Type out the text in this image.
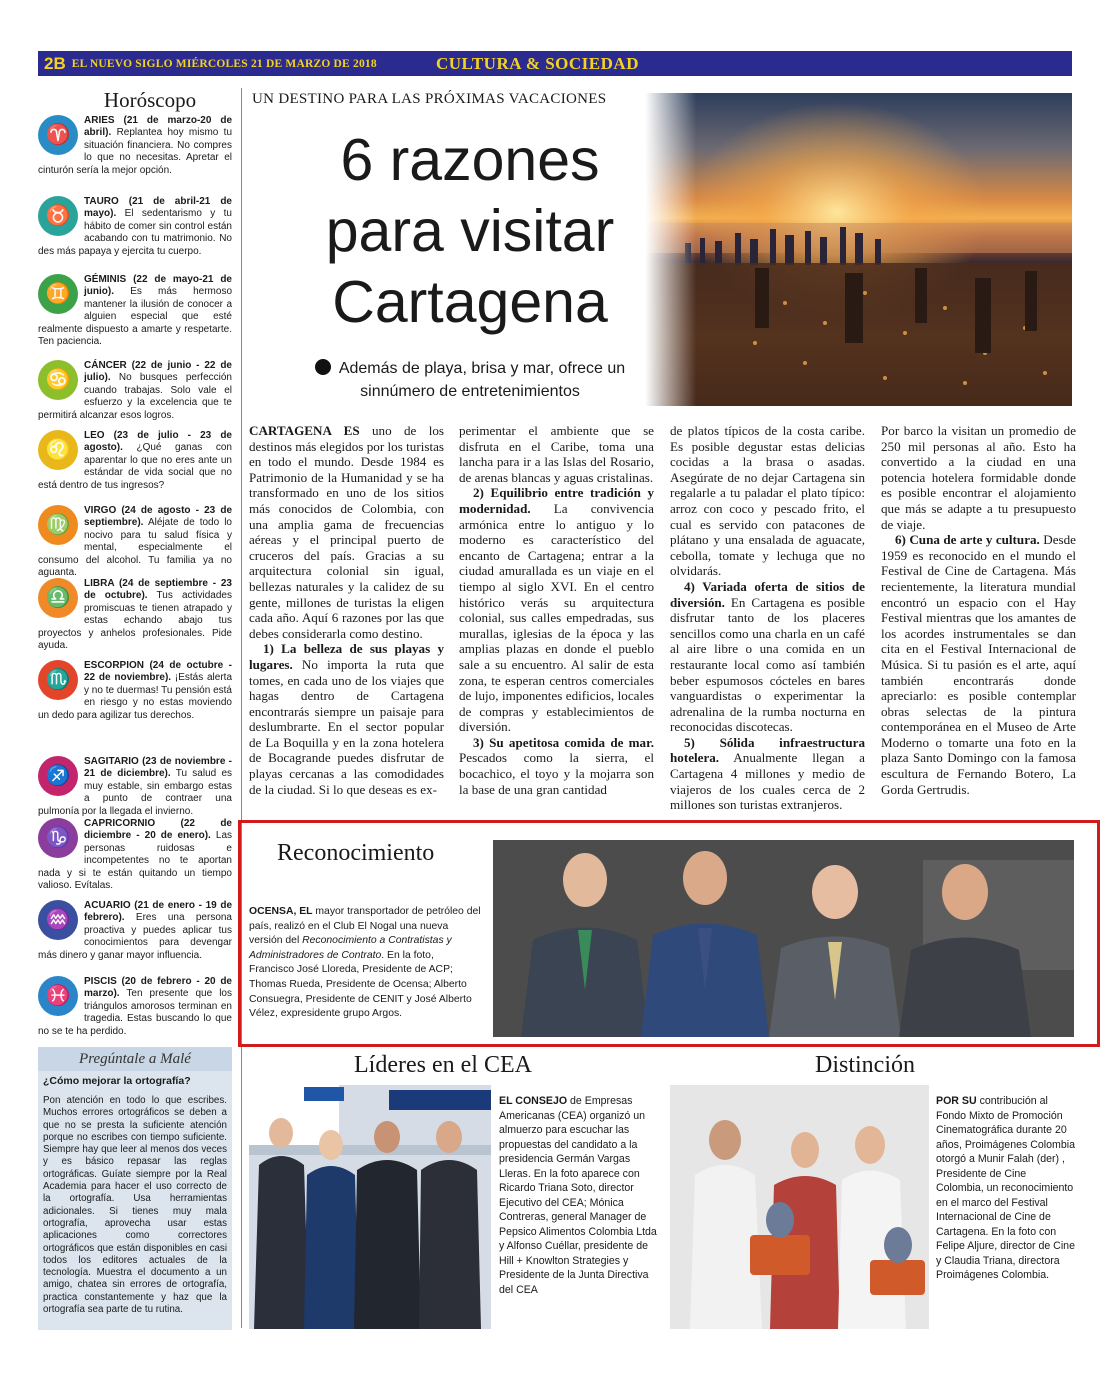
2B EL NUEVO SIGLO MIÉRCOLES 21 DE MARZO DE 2018	CULTURA & SOCIEDAD
Horóscopo
♈
ARIES (21 de marzo-20 de abril). Replantea hoy mismo tu situación financiera. No compres lo que no necesitas. Apretar el cinturón sería la mejor opción.
♉
TAURO (21 de abril-21 de mayo). El sedentarismo y tu hábito de comer sin control están acabando con tu matrimonio. No des más papaya y ejercita tu cuerpo.
♊
GÉMINIS (22 de mayo-21 de junio). Es más hermoso mantener la ilusión de conocer a alguien especial que esté realmente dispuesto a amarte y respetarte. Ten paciencia.
♋
CÁNCER (22 de junio - 22 de julio). No busques perfección cuando trabajas. Solo vale el esfuerzo y la excelencia que te permitirá alcanzar esos logros.
♌
LEO (23 de julio - 23 de agosto). ¿Qué ganas con aparentar lo que no eres ante un estándar de vida social que no está dentro de tus ingresos?
♍
VIRGO (24 de agosto - 23 de septiembre). Aléjate de todo lo nocivo para tu salud física y mental, especialmente el consumo del alcohol. Tu familia ya no aguanta.
♎
LIBRA (24 de septiembre - 23 de octubre). Tus actividades promiscuas te tienen atrapado y estas echando abajo tus proyectos y anhelos profesionales. Pide ayuda.
♏
ESCORPION (24 de octubre - 22 de noviembre). ¡Estás alerta y no te duermas! Tu pensión está en riesgo y no estas moviendo un dedo para agilizar tus derechos.
♐
SAGITARIO (23 de noviembre - 21 de diciembre). Tu salud es muy estable, sin embargo estas a punto de contraer una pulmonía por la llegada el invierno.
♑
CAPRICORNIO (22 de diciembre - 20 de enero). Las personas ruidosas e incompetentes no te aportan nada y si te están quitando un tiempo valioso. Evítalas.
♒
ACUARIO (21 de enero - 19 de febrero). Eres una persona proactiva y puedes aplicar tus conocimientos para devengar más dinero y ganar mayor influencia.
♓
PISCIS (20 de febrero - 20 de marzo). Ten presente que los triángulos amorosos terminan en tragedia. Estas buscando lo que no se te ha perdido.
Pregúntale a Malé
¿Cómo mejorar la ortografía?
Pon atención en todo lo que escribes. Muchos errores ortográficos se deben a que no se presta la suficiente atención porque no escribes con tiempo suficiente. Siempre hay que leer al menos dos veces y es básico repasar las reglas ortográficas. Guíate siempre por la Real Academia para hacer el uso correcto de la ortografía. Usa herramientas adicionales. Si tienes muy mala ortografía, aprovecha usar estas aplicaciones como correctores ortográficos que están disponibles en casi todos los editores actuales de la tecnología. Muestra el documento a un amigo, chatea sin errores de ortografía, practica constantemente y haz que la ortografía sea parte de tu rutina.
UN DESTINO PARA LAS PRÓXIMAS VACACIONES
6 razones
para visitar
Cartagena
Además de playa, brisa y mar, ofrece un sinnúmero de entretenimientos

CARTAGENA ES uno de los destinos más elegidos por los turistas en todo el mundo. Desde 1984 es Patrimonio de la Humanidad y se ha transformado en uno de los sitios más conocidos de Colombia, con una amplia gama de frecuencias aéreas y el principal puerto de cruceros del país. Gracias a su arquitectura colonial sin igual, bellezas naturales y la calidez de su gente, millones de turistas la eligen cada año. Aquí 6 razones por las que debes considerarla como destino.

1) La belleza de sus playas y lugares. No importa la ruta que tomes, en cada uno de los viajes que hagas dentro de Cartagena encontrarás siempre un paisaje para deslumbrarte. En el sector popular de La Boquilla y en la zona hotelera de Bocagrande puedes disfrutar de playas cercanas a las comodidades de la ciudad. Si lo que deseas es ex-

perimentar el ambiente que se disfruta en el Caribe, toma una lancha para ir a las Islas del Rosario, de arenas blancas y aguas cristalinas.

2) Equilibrio entre tradición y modernidad. La convivencia armónica entre lo antiguo y lo moderno es característico del encanto de Cartagena; entrar a la ciudad amurallada es un viaje en el tiempo al siglo XVI. En el centro histórico verás su arquitectura colonial, sus calles empedradas, sus murallas, iglesias de la época y las amplias plazas en donde el pueblo sale a su encuentro. Al salir de esta zona, te esperan centros comerciales de lujo, imponentes edificios, locales de compras y establecimientos de diversión.

3) Su apetitosa comida de mar. Pescados como la sierra, el bocachico, el toyo y la mojarra son la base de una gran cantidad

de platos típicos de la costa caribe. Es posible degustar estas delicias cocidas a la brasa o asadas. Asegúrate de no dejar Cartagena sin regalarle a tu paladar el plato típico: arroz con coco y pescado frito, el cual es servido con patacones de plátano y una ensalada de aguacate, cebolla, tomate y lechuga que no olvidarás.

4) Variada oferta de sitios de diversión. En Cartagena es posible disfrutar tanto de los placeres sencillos como una charla en un café al aire libre o una comida en un restaurante local como así también beber espumosos cócteles en bares vanguardistas o experimentar la adrenalina de la rumba nocturna en reconocidas discotecas.

5) Sólida infraestructura hotelera. Anualmente llegan a Cartagena 4 millones y medio de viajeros de los cuales cerca de 2 millones son turistas extranjeros.

Por barco la visitan un promedio de 250 mil personas al año. Esto ha convertido a la ciudad en una potencia hotelera formidable donde es posible encontrar el alojamiento que más se adapte a tu presupuesto de viaje.

6) Cuna de arte y cultura. Desde 1959 es reconocido en el mundo el Festival de Cine de Cartagena. Más recientemente, la literatura mundial encontró un espacio con el Hay Festival mientras que los amantes de los acordes instrumentales se dan cita en el Festival Internacional de Música. Si tu pasión es el arte, aquí también encontrarás donde apreciarlo: es posible contemplar obras selectas de la pintura contemporánea en el Museo de Arte Moderno o tomarte una foto en la plaza Santo Domingo con la famosa escultura de Fernando Botero, La Gorda Gertrudis.

Reconocimiento
OCENSA, EL mayor transportador de petróleo del país, realizó en el Club El Nogal una nueva versión del Reconocimiento a Contratistas y Administradores de Contrato. En la foto, Francisco José Lloreda, Presidente de ACP; Thomas Rueda, Presidente de Ocensa; Alberto Consuegra, Presidente de CENIT y José Alberto Vélez, expresidente grupo Argos.
Líderes en el CEA
EL CONSEJO de Empresas Americanas (CEA) organizó un almuerzo para escuchar las propuestas del candidato a la presidencia Germán Vargas Lleras. En la foto aparece con Ricardo Triana Soto, director Ejecutivo del CEA; Mónica Contreras, general Manager de Pepsico Alimentos Colombia Ltda y Alfonso Cuéllar, presidente de Hill + Knowlton Strategies y Presidente de la Junta Directiva del CEA
Distinción
POR SU contribución al Fondo Mixto de Promoción Cinematográfica durante 20 años, Proimágenes Colombia otorgó a Munir Falah (der) , Presidente de Cine Colombia, un reconocimiento en el marco del Festival Internacional de Cine de Cartagena. En la foto con Felipe Aljure, director de Cine y Claudia Triana, directora Proimágenes Colombia.
